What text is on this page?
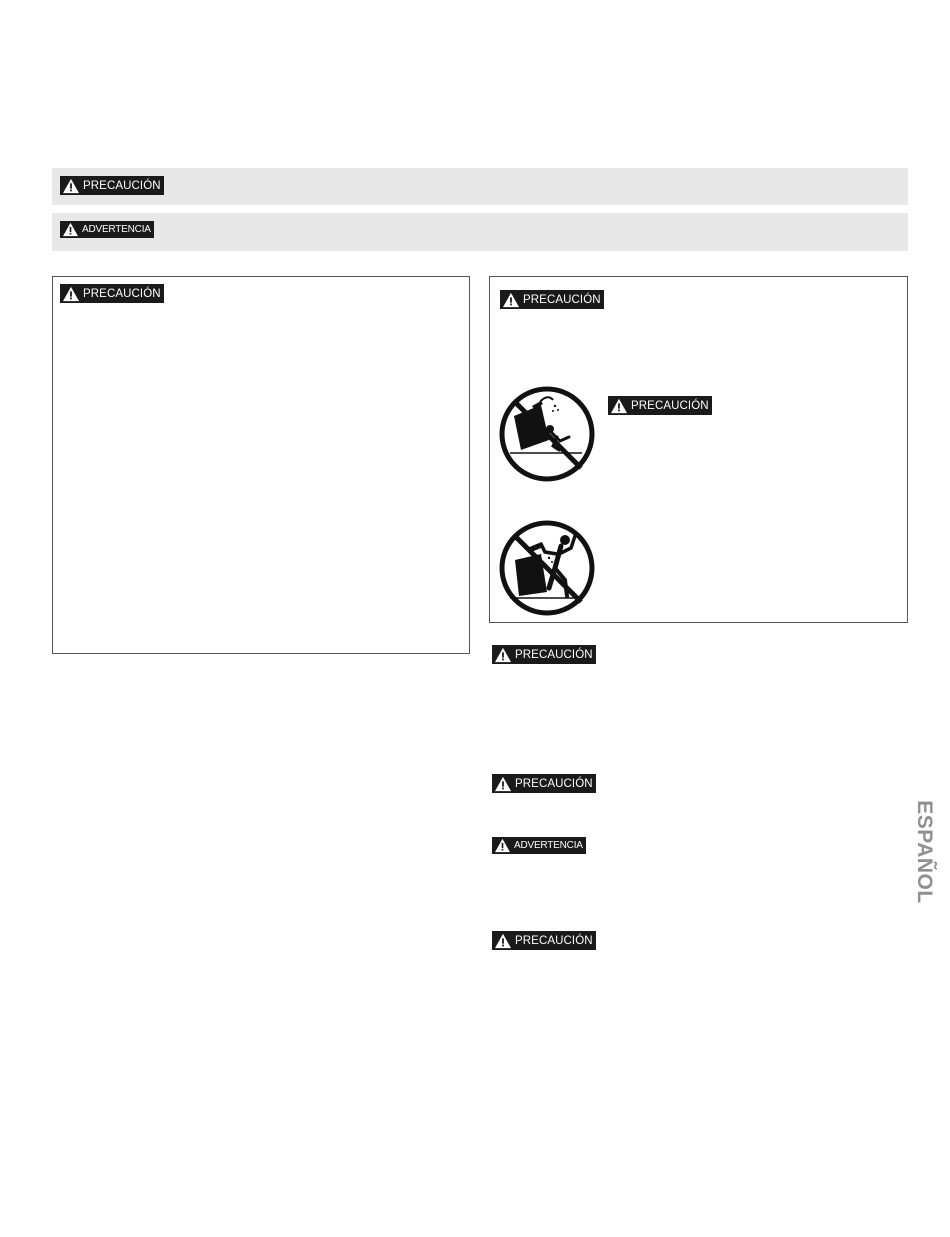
PRECAUCIÓN
ADVERTENCIA
PRECAUCIÓN	PRECAUCIÓN
PRECAUCIÓN
PRECAUCIÓN
PRECAUCIÓN
ADVERTENCIA
PRECAUCIÓN
ESPAÑOL
